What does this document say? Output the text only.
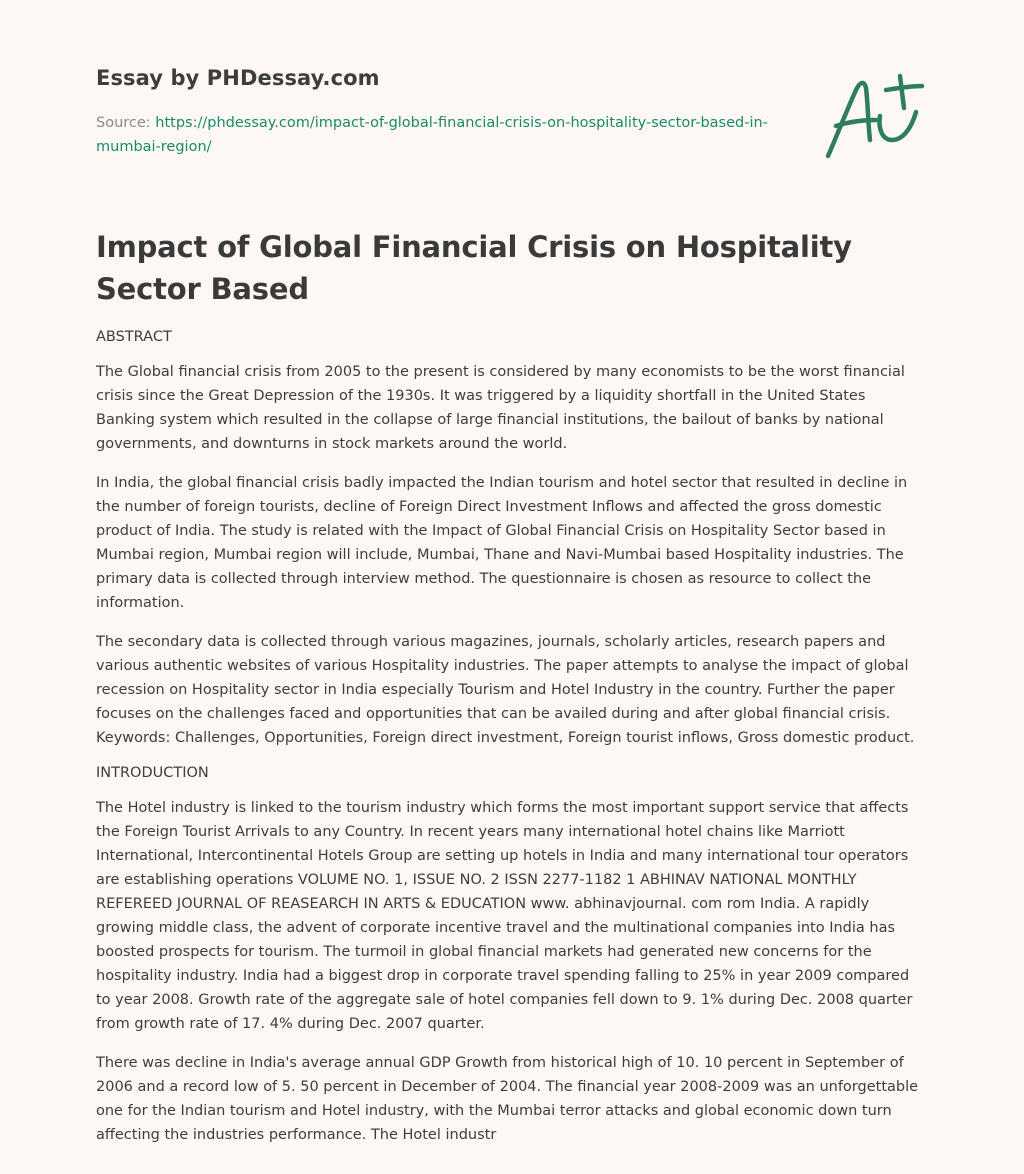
Essay by PHDessay.com
Source: https://phdessay.com/impact-of-global-financial-crisis-on-hospitality-sector-based-in-mumbai-region/
Impact of Global Financial Crisis on Hospitality Sector Based

ABSTRACT

The Global financial crisis from 2005 to the present is considered by many economists to be the worst financial crisis since the Great Depression of the 1930s. It was triggered by a liquidity shortfall in the United States Banking system which resulted in the collapse of large financial institutions, the bailout of banks by national governments, and downturns in stock markets around the world.

In India, the global financial crisis badly impacted the Indian tourism and hotel sector that resulted in decline in the number of foreign tourists, decline of Foreign Direct Investment Inflows and affected the gross domestic product of India. The study is related with the Impact of Global Financial Crisis on Hospitality Sector based in Mumbai region, Mumbai region will include, Mumbai, Thane and Navi-Mumbai based Hospitality industries. The primary data is collected through interview method. The questionnaire is chosen as resource to collect the information.

The secondary data is collected through various magazines, journals, scholarly articles, research papers and various authentic websites of various Hospitality industries. The paper attempts to analyse the impact of global recession on Hospitality sector in India especially Tourism and Hotel Industry in the country. Further the paper focuses on the challenges faced and opportunities that can be availed during and after global financial crisis. Keywords: Challenges, Opportunities, Foreign direct investment, Foreign tourist inflows, Gross domestic product.

INTRODUCTION

The Hotel industry is linked to the tourism industry which forms the most important support service that affects the Foreign Tourist Arrivals to any Country. In recent years many international hotel chains like Marriott International, Intercontinental Hotels Group are setting up hotels in India and many international tour operators are establishing operations VOLUME NO. 1, ISSUE NO. 2 ISSN 2277-1182 1 ABHINAV NATIONAL MONTHLY REFEREED JOURNAL OF REASEARCH IN ARTS & EDUCATION www. abhinavjournal. com rom India. A rapidly growing middle class, the advent of corporate incentive travel and the multinational companies into India has boosted prospects for tourism. The turmoil in global financial markets had generated new concerns for the hospitality industry. India had a biggest drop in corporate travel spending falling to 25% in year 2009 compared to year 2008. Growth rate of the aggregate sale of hotel companies fell down to 9. 1% during Dec. 2008 quarter from growth rate of 17. 4% during Dec. 2007 quarter.

There was decline in India's average annual GDP Growth from historical high of 10. 10 percent in September of 2006 and a record low of 5. 50 percent in December of 2004. The financial year 2008-2009 was an unforgettable one for the Indian tourism and Hotel industry, with the Mumbai terror attacks and global economic down turn affecting the industries performance. The Hotel industr
